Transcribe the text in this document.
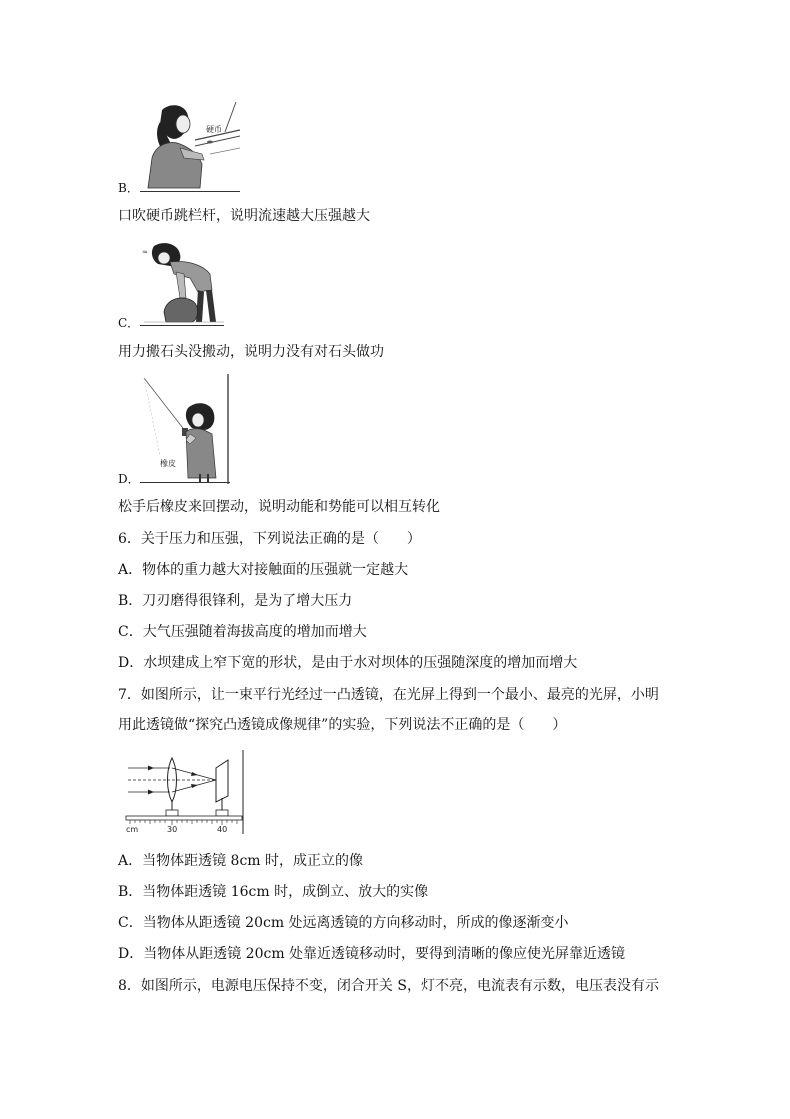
硬币
B．
口吹硬币跳栏杆，说明流速越大压强越大
≈
C．
用力搬石头没搬动，说明力没有对石头做功
橡皮
D．
松手后橡皮来回摆动，说明动能和势能可以相互转化
6．关于压力和压强，下列说法正确的是（　　）
A．物体的重力越大对接触面的压强就一定越大
B．刀刃磨得很锋利，是为了增大压力
C．大气压强随着海拔高度的增加而增大
D．水坝建成上窄下宽的形状，是由于水对坝体的压强随深度的增加而增大
7．如图所示，让一束平行光经过一凸透镜，在光屏上得到一个最小、最亮的光屏，小明
用此透镜做“探究凸透镜成像规律”的实验，下列说法不正确的是（　　）
cm	30	40
A．当物体距透镜 8cm 时，成正立的像
B．当物体距透镜 16cm 时，成倒立、放大的实像
C．当物体从距透镜 20cm 处远离透镜的方向移动时，所成的像逐渐变小
D．当物体从距透镜 20cm 处靠近透镜移动时，要得到清晰的像应使光屏靠近透镜
8．如图所示，电源电压保持不变，闭合开关 S，灯不亮，电流表有示数，电压表没有示
